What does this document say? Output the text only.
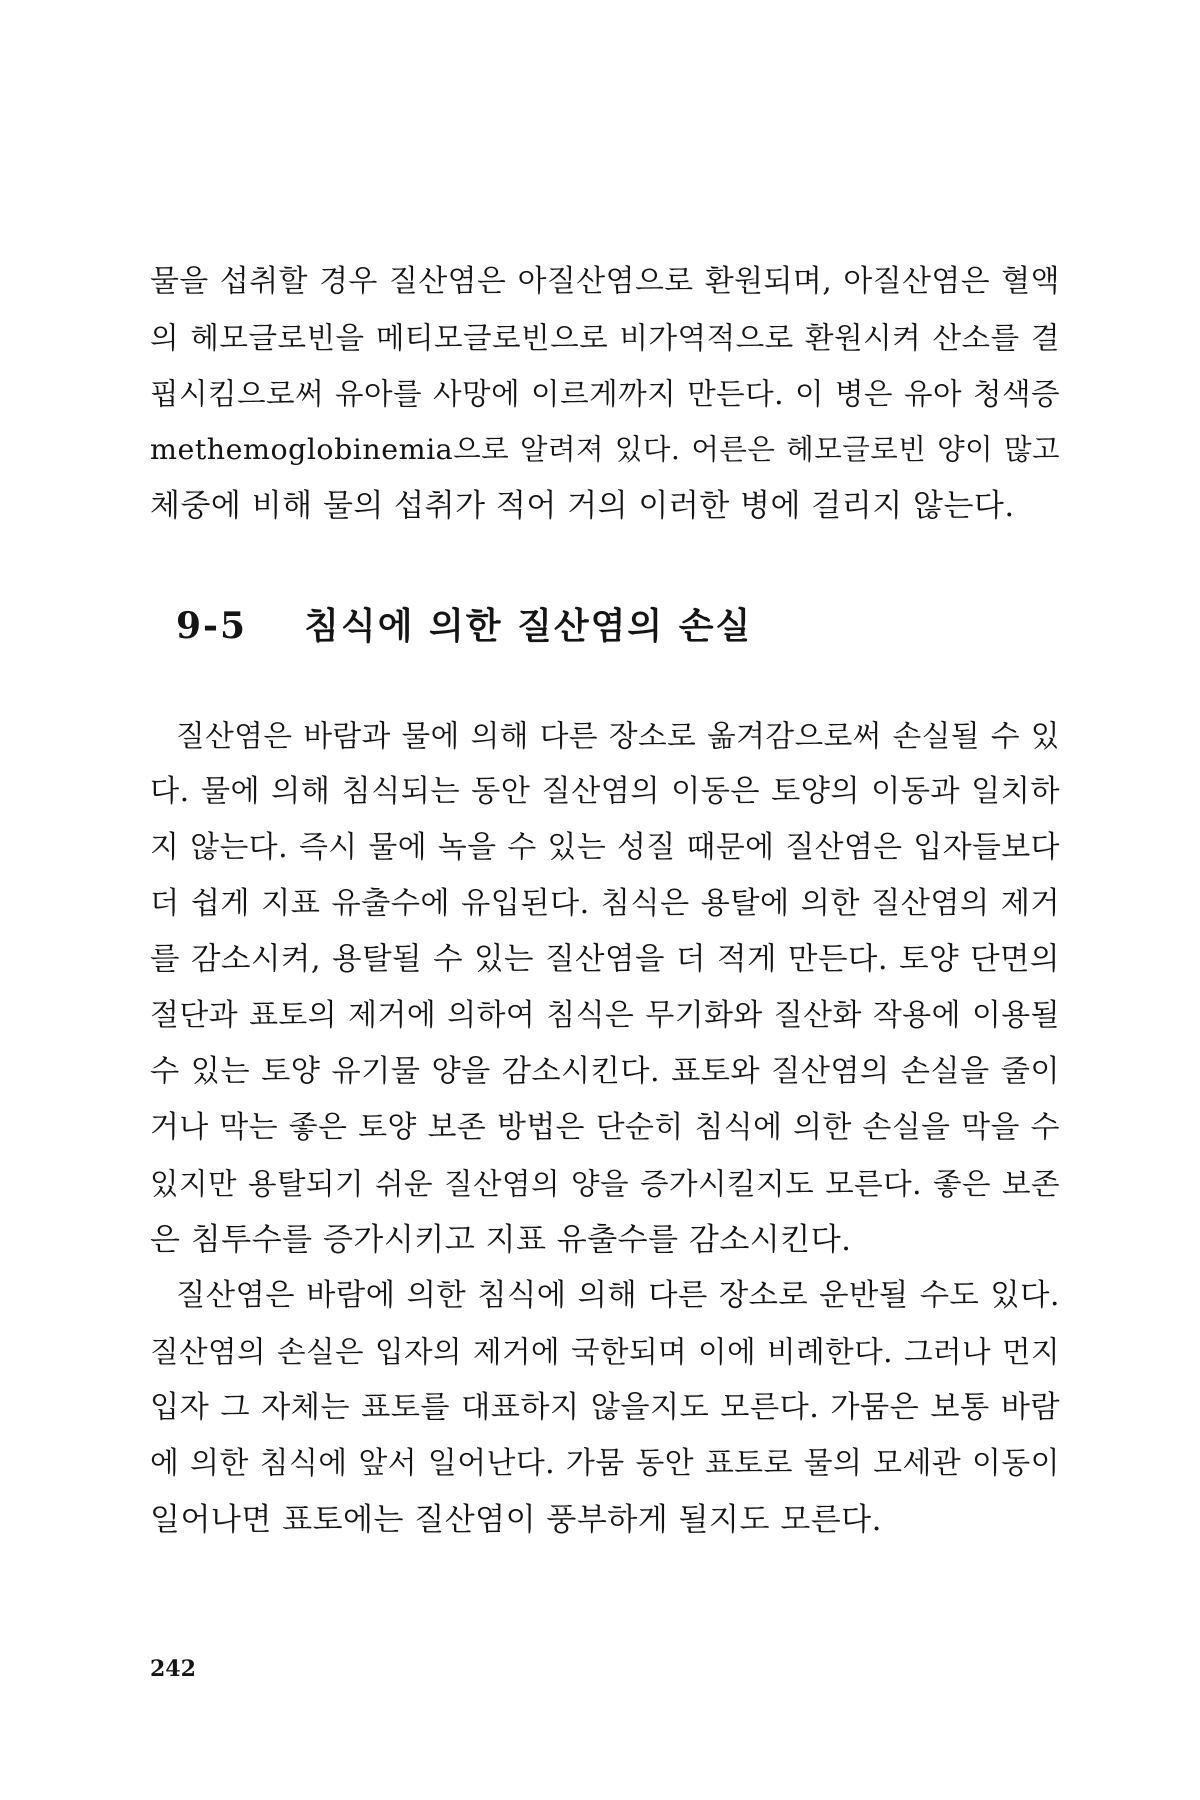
물을 섭취할 경우 질산염은 아질산염으로 환원되며, 아질산염은 혈액
의 헤모글로빈을 메티모글로빈으로 비가역적으로 환원시켜 산소를 결
핍시킴으로써 유아를 사망에 이르게까지 만든다. 이 병은 유아 청색증
methemoglobinemia으로 알려져 있다. 어른은 헤모글로빈 양이 많고
체중에 비해 물의 섭취가 적어 거의 이러한 병에 걸리지 않는다.
9-5 침식에 의한 질산염의 손실
질산염은 바람과 물에 의해 다른 장소로 옮겨감으로써 손실될 수 있
다. 물에 의해 침식되는 동안 질산염의 이동은 토양의 이동과 일치하
지 않는다. 즉시 물에 녹을 수 있는 성질 때문에 질산염은 입자들보다
더 쉽게 지표 유출수에 유입된다. 침식은 용탈에 의한 질산염의 제거
를 감소시켜, 용탈될 수 있는 질산염을 더 적게 만든다. 토양 단면의
절단과 표토의 제거에 의하여 침식은 무기화와 질산화 작용에 이용될
수 있는 토양 유기물 양을 감소시킨다. 표토와 질산염의 손실을 줄이
거나 막는 좋은 토양 보존 방법은 단순히 침식에 의한 손실을 막을 수
있지만 용탈되기 쉬운 질산염의 양을 증가시킬지도 모른다. 좋은 보존
은 침투수를 증가시키고 지표 유출수를 감소시킨다.
질산염은 바람에 의한 침식에 의해 다른 장소로 운반될 수도 있다.
질산염의 손실은 입자의 제거에 국한되며 이에 비례한다. 그러나 먼지
입자 그 자체는 표토를 대표하지 않을지도 모른다. 가뭄은 보통 바람
에 의한 침식에 앞서 일어난다. 가뭄 동안 표토로 물의 모세관 이동이
일어나면 표토에는 질산염이 풍부하게 될지도 모른다.
242
